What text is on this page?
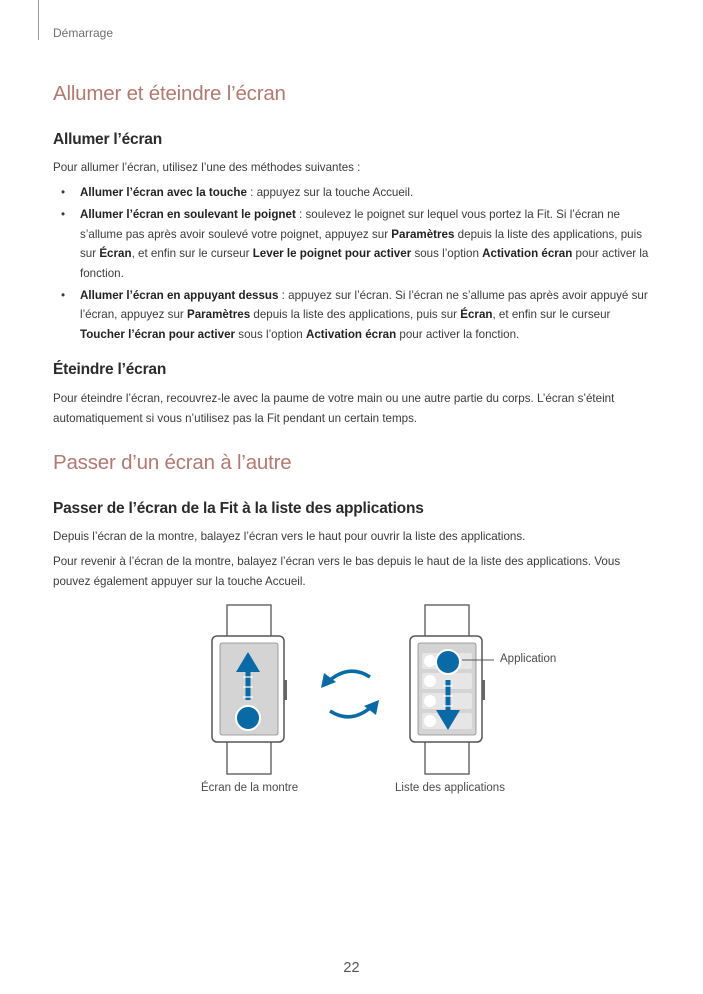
Démarrage
Allumer et éteindre l’écran
Allumer l’écran

Pour allumer l’écran, utilisez l’une des méthodes suivantes :

• Allumer l’écran avec la touche : appuyez sur la touche Accueil.
• Allumer l’écran en soulevant le poignet : soulevez le poignet sur lequel vous portez la Fit. Si l’écran ne s’allume pas après avoir soulevé votre poignet, appuyez sur Paramètres depuis la liste des applications, puis sur Écran, et enfin sur le curseur Lever le poignet pour activer sous l’option Activation écran pour activer la fonction.
• Allumer l’écran en appuyant dessus : appuyez sur l’écran. Si l’écran ne s’allume pas après avoir appuyé sur l’écran, appuyez sur Paramètres depuis la liste des applications, puis sur Écran, et enfin sur le curseur Toucher l’écran pour activer sous l’option Activation écran pour activer la fonction.
Éteindre l’écran

Pour éteindre l’écran, recouvrez-le avec la paume de votre main ou une autre partie du corps. L’écran s’éteint automatiquement si vous n’utilisez pas la Fit pendant un certain temps.

Passer d’un écran à l’autre
Passer de l’écran de la Fit à la liste des applications

Depuis l’écran de la montre, balayez l’écran vers le haut pour ouvrir la liste des applications.

Pour revenir à l’écran de la montre, balayez l’écran vers le bas depuis le haut de la liste des applications. Vous pouvez également appuyer sur la touche Accueil.

Application
Écran de la montre	Liste des applications
22
